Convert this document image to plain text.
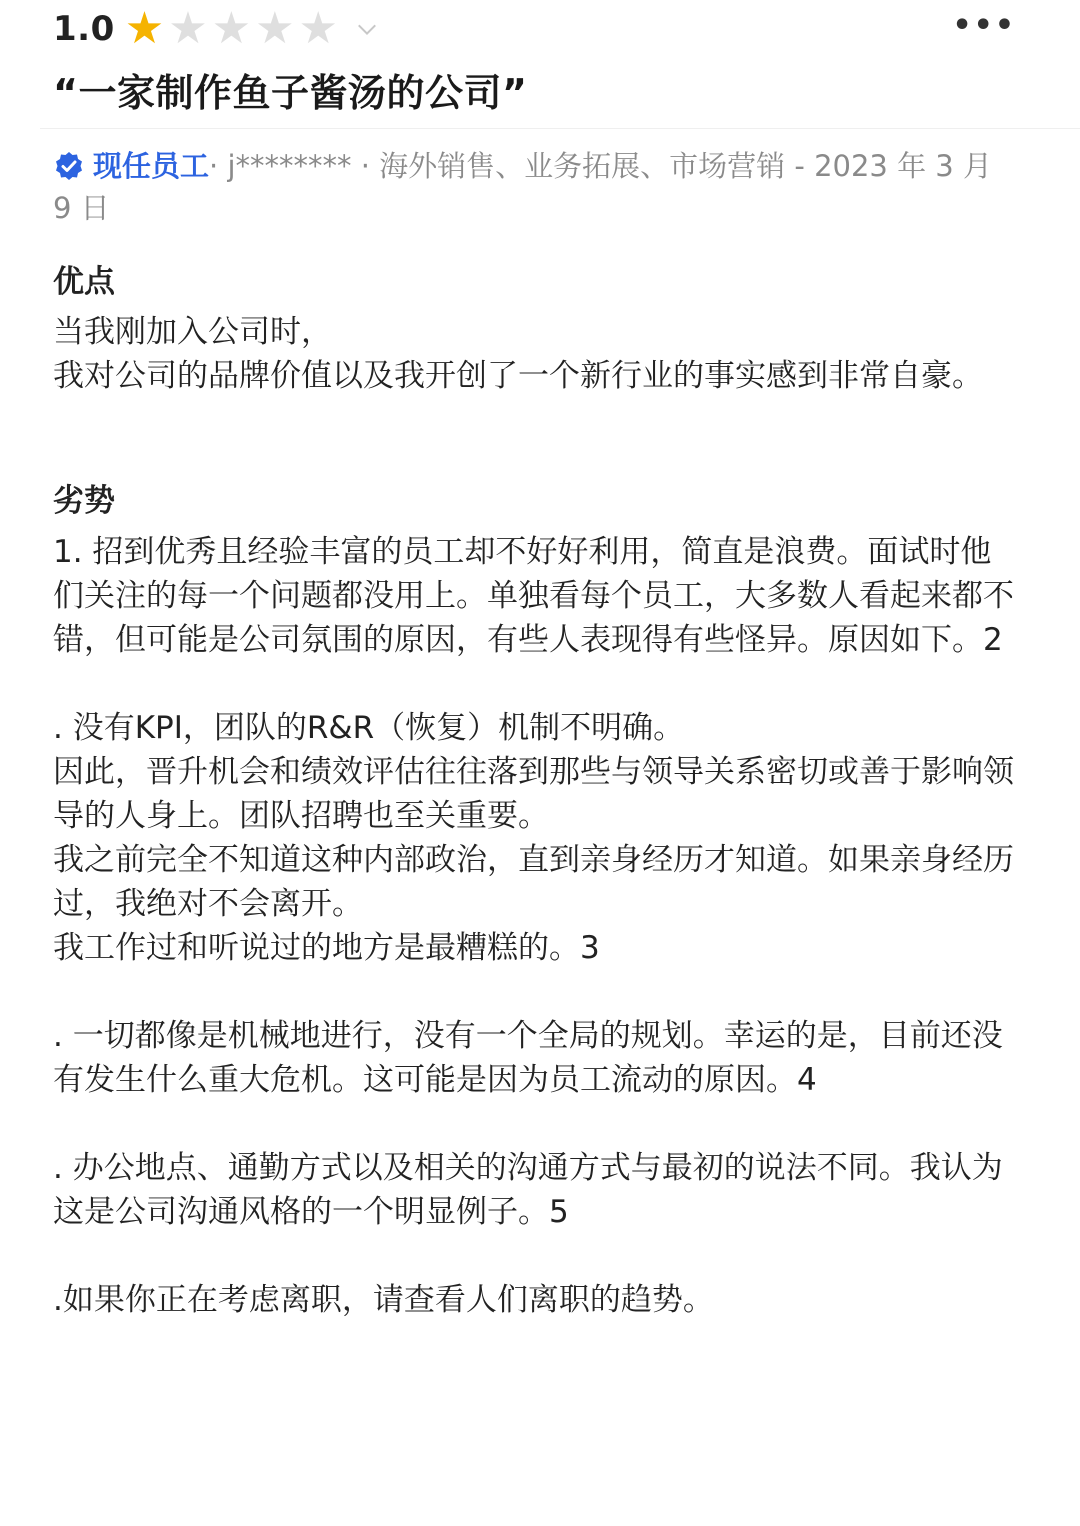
1.0 ★ ★ ★ ★ ★	•••
“一家制作鱼子酱汤的公司”
现任员工· j******** · 海外销售、业务拓展、市场营销 - 2023 年 3 月 9 日
优点

当我刚加入公司时，
我对公司的品牌价值以及我开创了一个新行业的事实感到非常自豪。

劣势

1. 招到优秀且经验丰富的员工却不好好利用，简直是浪费。面试时他们关注的每一个问题都没用上。单独看每个员工，大多数人看起来都不错，但可能是公司氛围的原因，有些人表现得有些怪异。原因如下。2

. 没有KPI，团队的R&R（恢复）机制不明确。
因此，晋升机会和绩效评估往往落到那些与领导关系密切或善于影响领导的人身上。团队招聘也至关重要。
我之前完全不知道这种内部政治，直到亲身经历才知道。如果亲身经历过，我绝对不会离开。
我工作过和听说过的地方是最糟糕的。3

. 一切都像是机械地进行，没有一个全局的规划。幸运的是，目前还没有发生什么重大危机。这可能是因为员工流动的原因。4

. 办公地点、通勤方式以及相关的沟通方式与最初的说法不同。我认为这是公司沟通风格的一个明显例子。5

.如果你正在考虑离职，请查看人们离职的趋势。
